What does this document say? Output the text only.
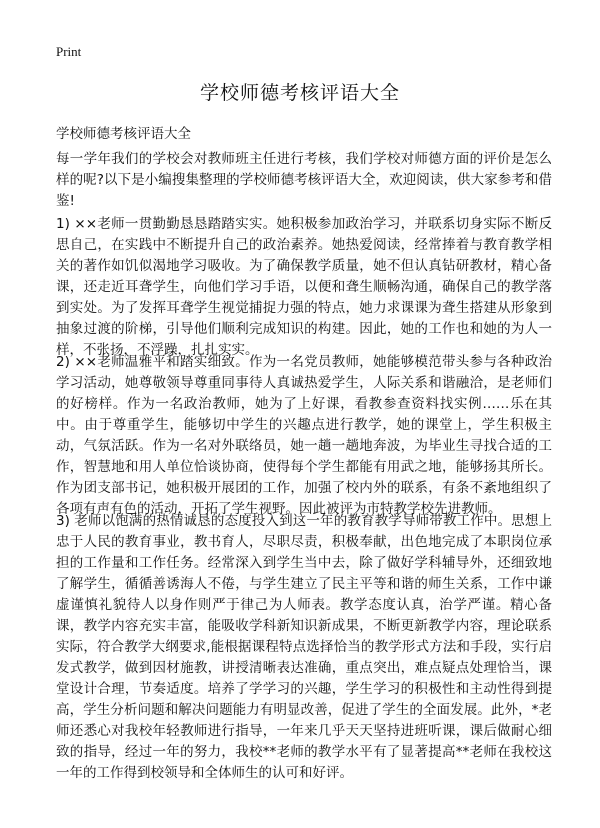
Print
学校师德考核评语大全
学校师德考核评语大全

每一学年我们的学校会对教师班主任进行考核，我们学校对师德方面的评价是怎么样的呢?以下是小编搜集整理的学校师德考核评语大全，欢迎阅读，供大家参考和借鉴!

1) ××老师一贯勤勤恳恳踏踏实实。她积极参加政治学习，并联系切身实际不断反思自己，在实践中不断提升自己的政治素养。她热爱阅读，经常捧着与教育教学相关的著作如饥似渴地学习吸收。为了确保教学质量，她不但认真钻研教材，精心备课，还走近耳聋学生，向他们学习手语，以便和聋生顺畅沟通，确保自己的教学落到实处。为了发挥耳聋学生视觉捕捉力强的特点，她力求课课为聋生搭建从形象到抽象过渡的阶梯，引导他们顺利完成知识的构建。因此，她的工作也和她的为人一样，不张扬，不浮躁，扎扎实实。

2) ××老师温雅平和踏实细致。作为一名党员教师，她能够模范带头参与各种政治学习活动，她尊敬领导尊重同事待人真诚热爱学生，人际关系和谐融洽，是老师们的好榜样。作为一名政治教师，她为了上好课，看教参查资料找实例……乐在其中。由于尊重学生，能够切中学生的兴趣点进行教学，她的课堂上，学生积极主动，气氛活跃。作为一名对外联络员，她一趟一趟地奔波，为毕业生寻找合适的工作，智慧地和用人单位恰谈协商，使得每个学生都能有用武之地，能够扬其所长。作为团支部书记，她积极开展团的工作，加强了校内外的联系，有条不紊地组织了各项有声有色的活动，开拓了学生视野。因此被评为市特教学校先进教师。

3) 老师以饱满的热情诚恳的态度投入到这一年的教育教学导师带教工作中。思想上忠于人民的教育事业，教书育人，尽职尽责，积极奉献，出色地完成了本职岗位承担的工作量和工作任务。经常深入到学生当中去，除了做好学科辅导外，还细致地了解学生，循循善诱海人不倦，与学生建立了民主平等和谐的师生关系，工作中谦虚谨慎礼貌待人以身作则严于律己为人师表。教学态度认真，治学严谨。精心备课，教学内容充实丰富，能吸收学科新知识新成果，不断更新教学内容，理论联系实际，符合教学大纲要求,能根据课程特点选择恰当的教学形式方法和手段，实行启发式教学，做到因材施教，讲授清晰表达准确，重点突出，难点疑点处理恰当，课堂设计合理，节奏适度。培养了学学习的兴趣，学生学习的积极性和主动性得到提高，学生分析问题和解决问题能力有明显改善，促进了学生的全面发展。此外，*老师还悉心对我校年轻教师进行指导，一年来几乎天天坚持进班听课，课后做耐心细致的指导，经过一年的努力，我校**老师的教学水平有了显著提高**老师在我校这一年的工作得到校领导和全体师生的认可和好评。
